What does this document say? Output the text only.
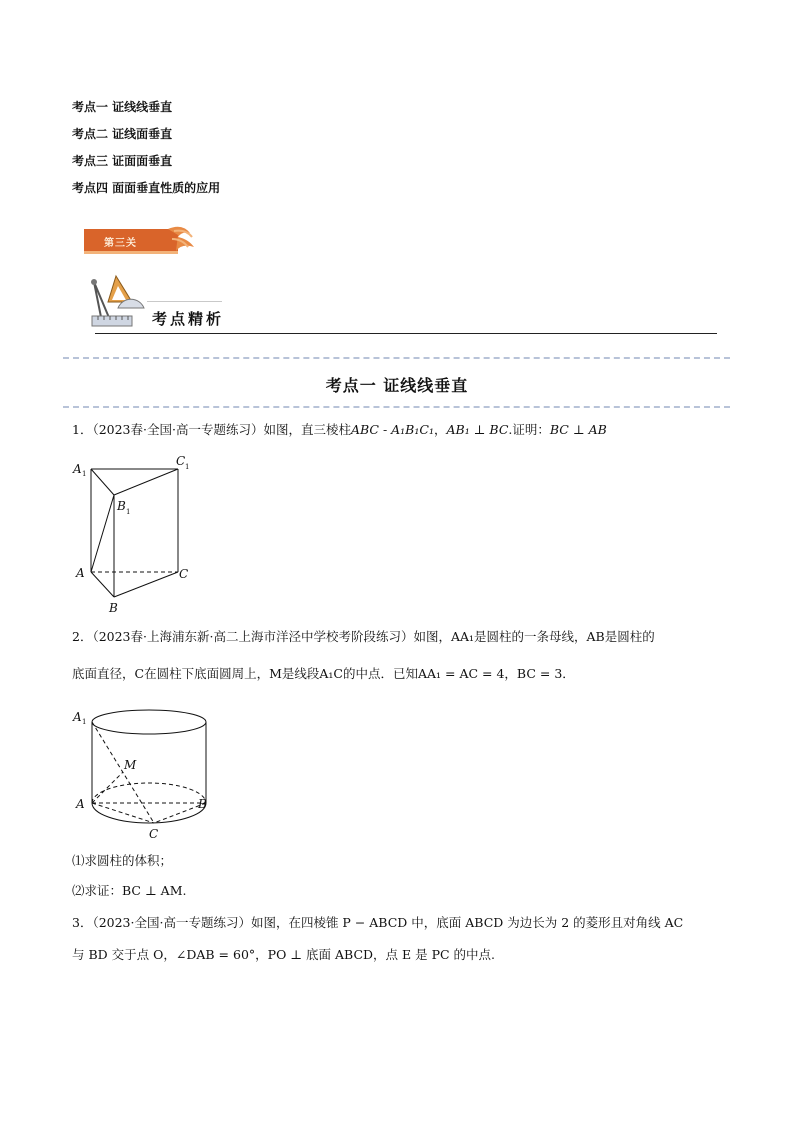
考点一 证线线垂直
考点二 证线面垂直
考点三 证面面垂直
考点四 面面垂直性质的应用
第三关
考点精析
考点一 证线线垂直
1．（2023春·全国·高一专题练习）如图，直三棱柱ABC - A₁B₁C₁，AB₁ ⊥ BC.证明：BC ⊥ AB
A 1
C 1
B 1
A	C
B
2．（2023春·上海浦东新·高二上海市洋泾中学校考阶段练习）如图，AA₁是圆柱的一条母线，AB是圆柱的
底面直径，C在圆柱下底面圆周上，M是线段A₁C的中点．已知AA₁ = AC = 4，BC = 3．
A 1
M
A	B
C
⑴求圆柱的体积；
⑵求证：BC ⊥ AM.
3．（2023·全国·高一专题练习）如图，在四棱锥 P − ABCD 中，底面 ABCD 为边长为 2 的菱形且对角线 AC
与 BD 交于点 O，∠DAB = 60°，PO ⊥ 底面 ABCD，点 E 是 PC 的中点.
